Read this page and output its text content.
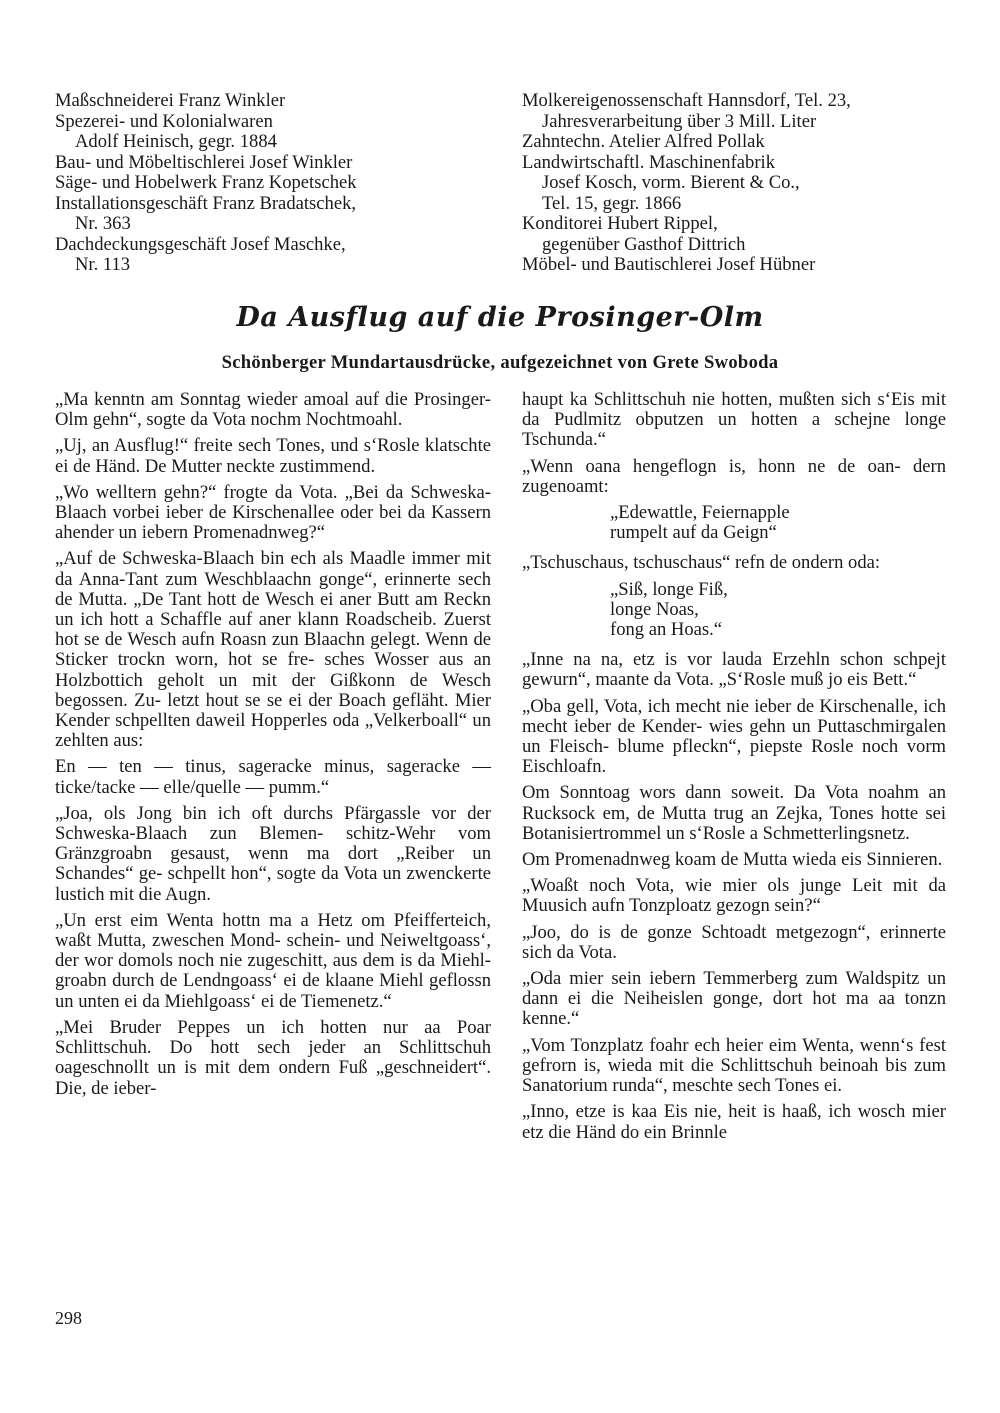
Maßschneiderei Franz Winkler
Spezerei- und Kolonialwaren
Adolf Heinisch, gegr. 1884
Bau- und Möbeltischlerei Josef Winkler
Säge- und Hobelwerk Franz Kopetschek
Installationsgeschäft Franz Bradatschek,
Nr. 363
Dachdeckungsgeschäft Josef Maschke,
Nr. 113
Molkereigenossenschaft Hannsdorf, Tel. 23,
Jahresverarbeitung über 3 Mill. Liter
Zahntechn. Atelier Alfred Pollak
Landwirtschaftl. Maschinenfabrik
Josef Kosch, vorm. Bierent & Co.,
Tel. 15, gegr. 1866
Konditorei Hubert Rippel,
gegenüber Gasthof Dittrich
Möbel- und Bautischlerei Josef Hübner
Da Ausflug auf die Prosinger-Olm
Schönberger Mundartausdrücke, aufgezeichnet von Grete Swoboda

„Ma kenntn am Sonntag wieder amoal auf die Prosinger-Olm gehn“, sogte da Vota nochm Nochtmoahl.

„Uj, an Ausflug!“ freite sech Tones, und s‘Rosle klatschte ei de Händ. De Mutter neckte zustimmend.

„Wo welltern gehn?“ frogte da Vota. „Bei da Schweska-Blaach vorbei ieber de Kirschenallee oder bei da Kassern ahender un iebern Promenadnweg?“

„Auf de Schweska-Blaach bin ech als Maadle immer mit da Anna-Tant zum Weschblaachn gonge“, erinnerte sech de Mutta. „De Tant hott de Wesch ei aner Butt am Reckn un ich hott a Schaffle auf aner klann Roadscheib. Zuerst hot se de Wesch aufn Roasn zun Blaachn gelegt. Wenn de Sticker trockn worn, hot se fre- sches Wosser aus an Holzbottich geholt un mit der Gißkonn de Wesch begossen. Zu- letzt hout se se ei der Boach gefläht. Mier Kender schpellten daweil Hopperles oda „Velkerboall“ un zehlten aus:

En — ten — tinus, sageracke minus, sageracke — ticke/tacke — elle/quelle — pumm.“

„Joa, ols Jong bin ich oft durchs Pfärgassle vor der Schweska-Blaach zun Blemen- schitz-Wehr vom Gränzgroabn gesaust, wenn ma dort „Reiber un Schandes“ ge- schpellt hon“, sogte da Vota un zwenckerte lustich mit die Augn.

„Un erst eim Wenta hottn ma a Hetz om Pfeifferteich, waßt Mutta, zweschen Mond- schein- und Neiweltgoass‘, der wor domols noch nie zugeschitt, aus dem is da Miehl- groabn durch de Lendngoass‘ ei de klaane Miehl geflossn un unten ei da Miehlgoass‘ ei de Tiemenetz.“

„Mei Bruder Peppes un ich hotten nur aa Poar Schlittschuh. Do hott sech jeder an Schlittschuh oageschnollt un is mit dem ondern Fuß „geschneidert“. Die, de ieber-

haupt ka Schlittschuh nie hotten, mußten sich s‘Eis mit da Pudlmitz obputzen un hotten a schejne longe Tschunda.“

„Wenn oana hengeflogn is, honn ne de oan- dern zugenoamt:

„Edewattle, Feiernapple
rumpelt auf da Geign“

„Tschuschaus, tschuschaus“ refn de ondern oda:

„Siß, longe Fiß,
longe Noas,
fong an Hoas.“

„Inne na na, etz is vor lauda Erzehln schon schpejt gewurn“, maante da Vota. „S‘Rosle muß jo eis Bett.“

„Oba gell, Vota, ich mecht nie ieber de Kirschenalle, ich mecht ieber de Kender- wies gehn un Puttaschmirgalen un Fleisch- blume pfleckn“, piepste Rosle noch vorm Eischloafn.

Om Sonntoag wors dann soweit. Da Vota noahm an Rucksock em, de Mutta trug an Zejka, Tones hotte sei Botanisiertrommel un s‘Rosle a Schmetterlingsnetz.

Om Promenadnweg koam de Mutta wieda eis Sinnieren.

„Woaßt noch Vota, wie mier ols junge Leit mit da Muusich aufn Tonzploatz gezogn sein?“

„Joo, do is de gonze Schtoadt metgezogn“, erinnerte sich da Vota.

„Oda mier sein iebern Temmerberg zum Waldspitz un dann ei die Neiheislen gonge, dort hot ma aa tonzn kenne.“

„Vom Tonzplatz foahr ech heier eim Wenta, wenn‘s fest gefrorn is, wieda mit die Schlittschuh beinoah bis zum Sanatorium runda“, meschte sech Tones ei.

„Inno, etze is kaa Eis nie, heit is haaß, ich wosch mier etz die Händ do ein Brinnle

298
